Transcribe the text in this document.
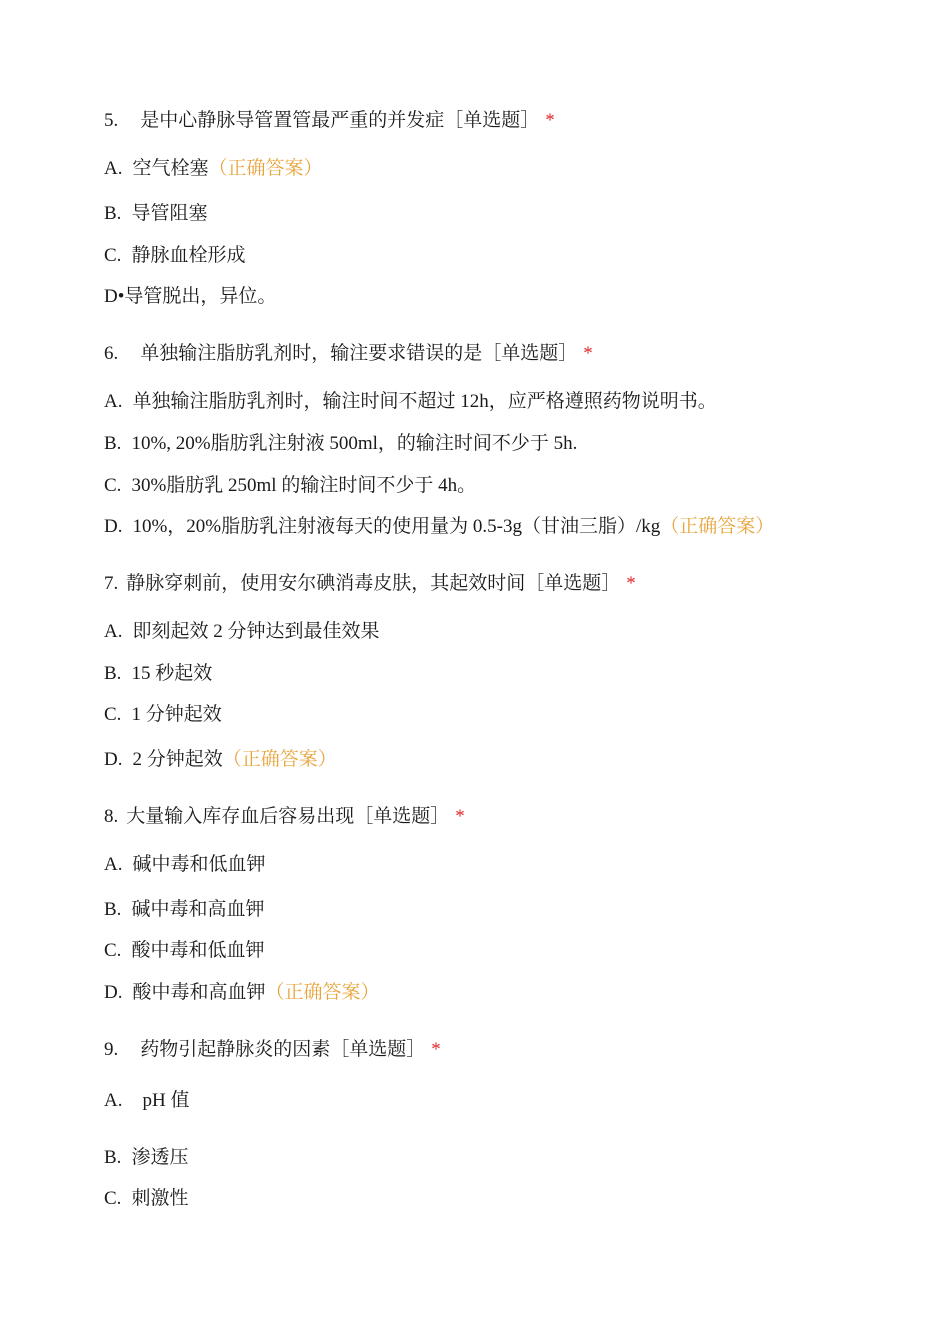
5. 是中心静脉导管置管最严重的并发症［单选题］ *
A. 空气栓塞（正确答案）
B. 导管阻塞
C. 静脉血栓形成
D•导管脱出，异位。
6. 单独输注脂肪乳剂时，输注要求错误的是［单选题］ *
A. 单独输注脂肪乳剂时，输注时间不超过 12h，应严格遵照药物说明书。
B. 10%, 20%脂肪乳注射液 500ml，的输注时间不少于 5h.
C. 30%脂肪乳 250ml 的输注时间不少于 4h。
D. 10%，20%脂肪乳注射液每天的使用量为 0.5-3g（甘油三脂）/kg（正确答案）
7. 静脉穿刺前，使用安尔碘消毒皮肤，其起效时间［单选题］ *
A. 即刻起效 2 分钟达到最佳效果
B. 15 秒起效
C. 1 分钟起效
D. 2 分钟起效（正确答案）
8. 大量输入库存血后容易出现［单选题］ *
A. 碱中毒和低血钾
B. 碱中毒和高血钾
C. 酸中毒和低血钾
D. 酸中毒和高血钾（正确答案）
9. 药物引起静脉炎的因素［单选题］ *
A. pH 值
B. 渗透压
C. 刺激性
